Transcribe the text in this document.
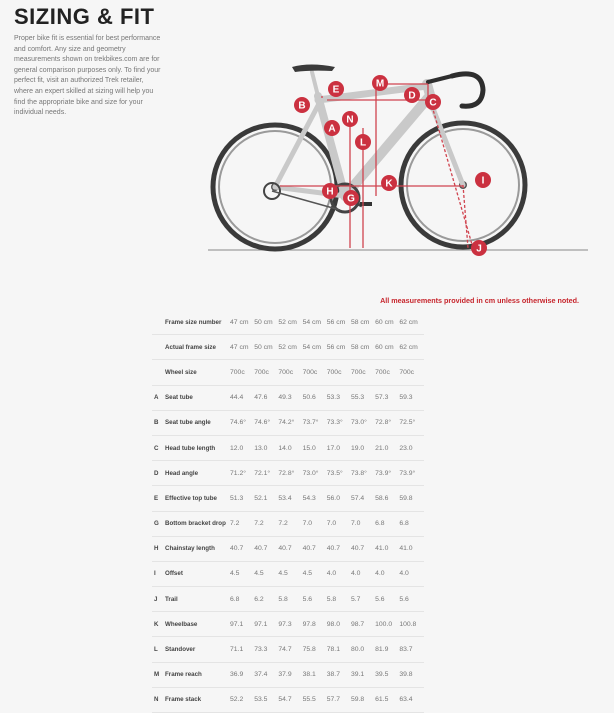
SIZING & FIT
Proper bike fit is essential for best performance and comfort. Any size and geometry measurements shown on trekbikes.com are for general comparison purposes only. To find your perfect fit, visit an authorized Trek retailer, where an expert skilled at sizing will help you find the appropriate bike and size for your individual needs.
A
B	C
D
E
G
H
I
J
K
L
M
N
All measurements provided in cm unless otherwise noted.
	Frame size number	47 cm	50 cm	52 cm	54 cm	56 cm	58 cm	60 cm	62 cm
	Actual frame size	47 cm	50 cm	52 cm	54 cm	56 cm	58 cm	60 cm	62 cm
	Wheel size	700c	700c	700c	700c	700c	700c	700c	700c
A	Seat tube	44.4	47.6	49.3	50.6	53.3	55.3	57.3	59.3
B	Seat tube angle	74.6°	74.6°	74.2°	73.7°	73.3°	73.0°	72.8°	72.5°
C	Head tube length	12.0	13.0	14.0	15.0	17.0	19.0	21.0	23.0
D	Head angle	71.2°	72.1°	72.8°	73.0°	73.5°	73.8°	73.9°	73.9°
E	Effective top tube	51.3	52.1	53.4	54.3	56.0	57.4	58.6	59.8
G	Bottom bracket drop	7.2	7.2	7.2	7.0	7.0	7.0	6.8	6.8
H	Chainstay length	40.7	40.7	40.7	40.7	40.7	40.7	41.0	41.0
I	Offset	4.5	4.5	4.5	4.5	4.0	4.0	4.0	4.0
J	Trail	6.8	6.2	5.8	5.6	5.8	5.7	5.6	5.6
K	Wheelbase	97.1	97.1	97.3	97.8	98.0	98.7	100.0	100.8
L	Standover	71.1	73.3	74.7	75.8	78.1	80.0	81.9	83.7
M	Frame reach	36.9	37.4	37.9	38.1	38.7	39.1	39.5	39.8
N	Frame stack	52.2	53.5	54.7	55.5	57.7	59.8	61.5	63.4
